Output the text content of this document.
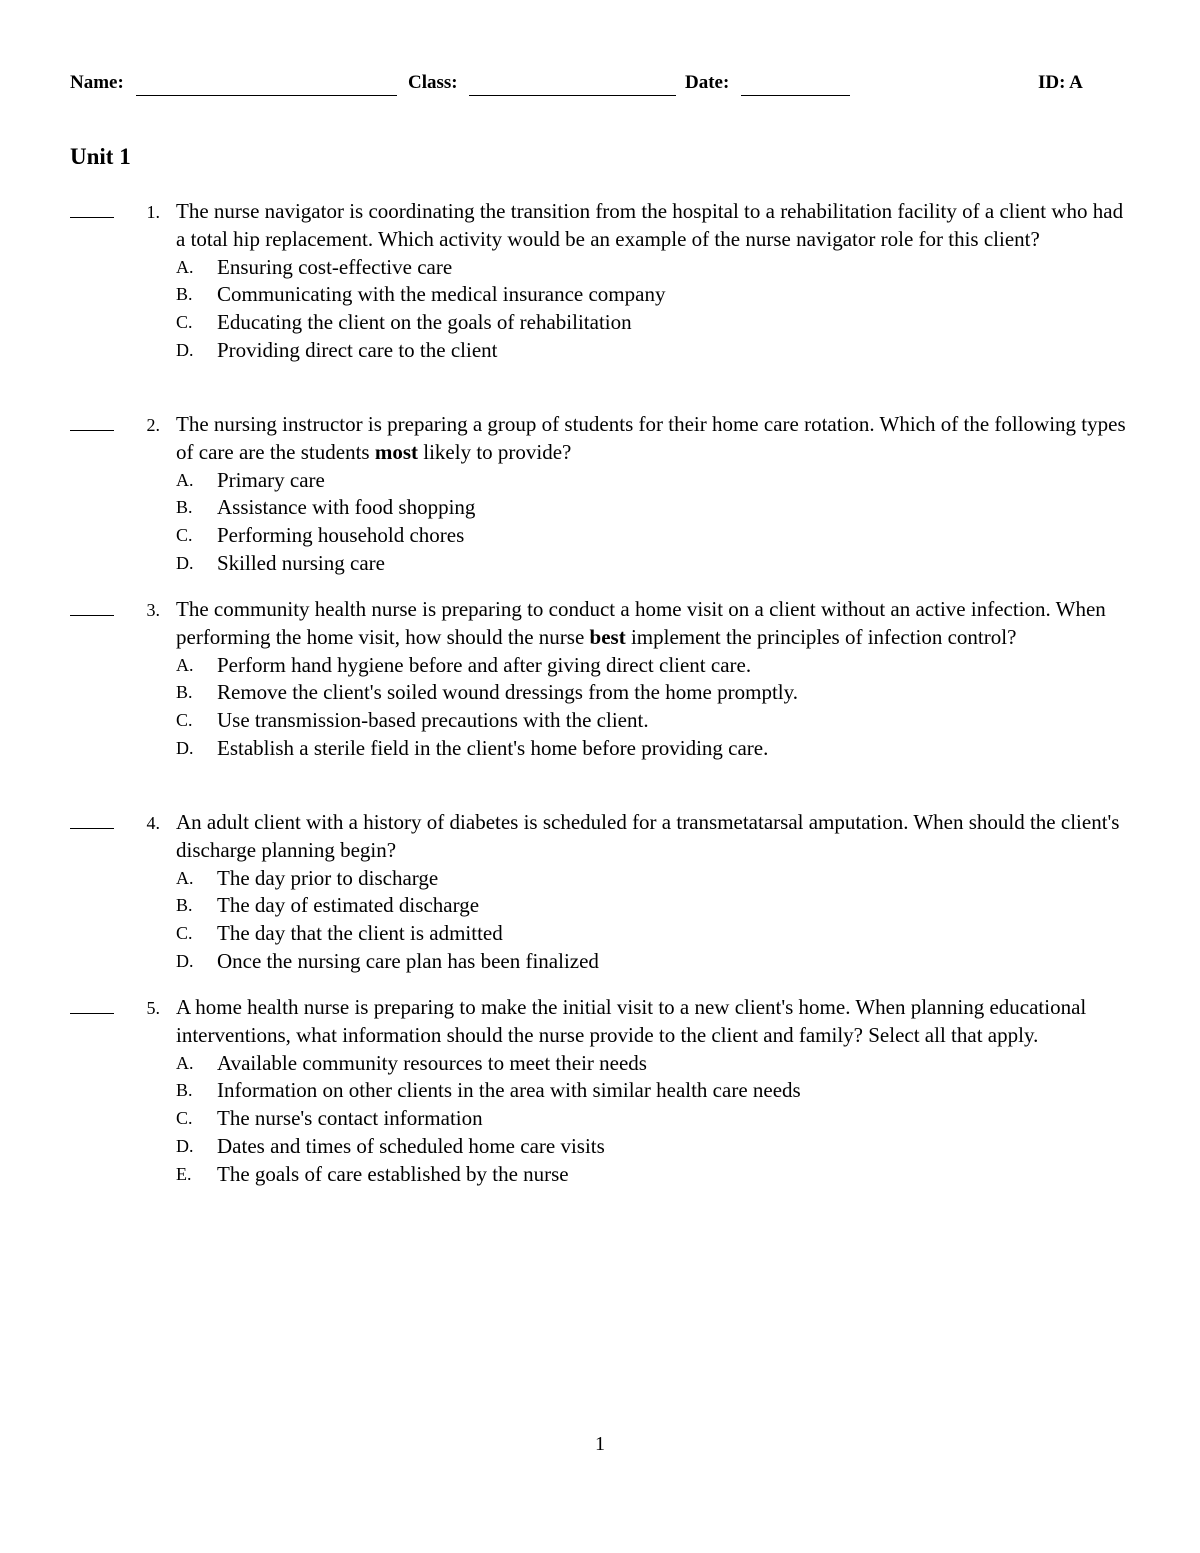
Name:	Class:	Date:	ID: A
Unit 1
1. The nurse navigator is coordinating the transition from the hospital to a rehabilitation facility of a client who had a total hip replacement. Which activity would be an example of the nurse navigator role for this client?

A. Ensuring cost-effective care
B. Communicating with the medical insurance company
C. Educating the client on the goals of rehabilitation
D. Providing direct care to the client
2. The nursing instructor is preparing a group of students for their home care rotation. Which of the following types of care are the students most likely to provide?

A. Primary care
B. Assistance with food shopping
C. Performing household chores
D. Skilled nursing care
3. The community health nurse is preparing to conduct a home visit on a client without an active infection. When performing the home visit, how should the nurse best implement the principles of infection control?

A. Perform hand hygiene before and after giving direct client care.
B. Remove the client's soiled wound dressings from the home promptly.
C. Use transmission-based precautions with the client.
D. Establish a sterile field in the client's home before providing care.
4. An adult client with a history of diabetes is scheduled for a transmetatarsal amputation. When should the client's discharge planning begin?

A. The day prior to discharge
B. The day of estimated discharge
C. The day that the client is admitted
D. Once the nursing care plan has been finalized
5. A home health nurse is preparing to make the initial visit to a new client's home. When planning educational interventions, what information should the nurse provide to the client and family? Select all that apply.

A. Available community resources to meet their needs
B. Information on other clients in the area with similar health care needs
C. The nurse's contact information
D. Dates and times of scheduled home care visits
E. The goals of care established by the nurse
1
